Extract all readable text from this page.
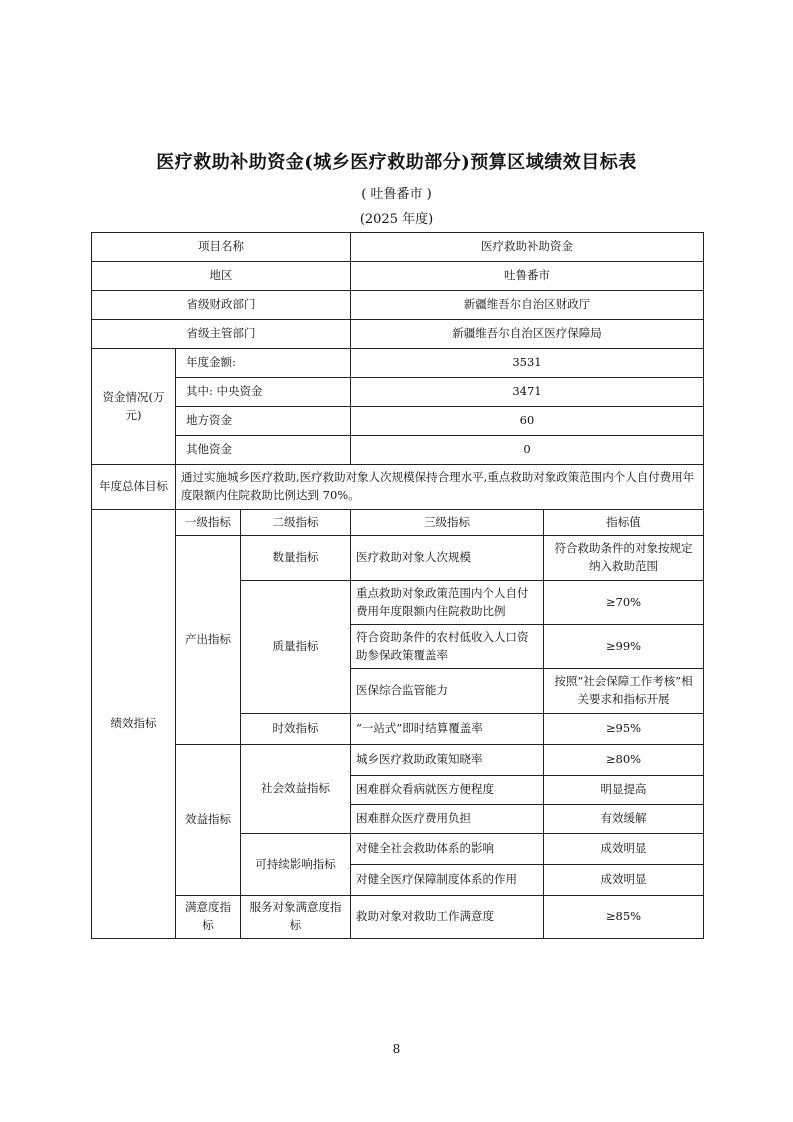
医疗救助补助资金(城乡医疗救助部分)预算区域绩效目标表
( 吐鲁番市 )
(2025 年度)
项目名称			医疗救助补助资金	
地区			吐鲁番市	
省级财政部门			新疆维吾尔自治区财政厅	
省级主管部门			新疆维吾尔自治区医疗保障局	
资金情况(万元)	年度金额:		3531	
	其中: 中央资金		3471	
	地方资金		60	
	其他资金		0	
年度总体目标	通过实施城乡医疗救助,医疗救助对象人次规模保持合理水平,重点救助对象政策范围内个人自付费用年度限额内住院救助比例达到 70%。			
绩效指标	一级指标	二级指标	三级指标	指标值
	产出指标	数量指标	医疗救助对象人次规模	符合救助条件的对象按规定纳入救助范围
		质量指标	重点救助对象政策范围内个人自付费用年度限额内住院救助比例	≥70%
			符合资助条件的农村低收入人口资助参保政策覆盖率	≥99%
			医保综合监管能力	按照“社会保障工作考核”相关要求和指标开展
		时效指标	“一站式”即时结算覆盖率	≥95%
	效益指标	社会效益指标	城乡医疗救助政策知晓率	≥80%
			困难群众看病就医方便程度	明显提高
			困难群众医疗费用负担	有效缓解
		可持续影响指标	对健全社会救助体系的影响	成效明显
			对健全医疗保障制度体系的作用	成效明显
	满意度指标	服务对象满意度指标	救助对象对救助工作满意度	≥85%
8
